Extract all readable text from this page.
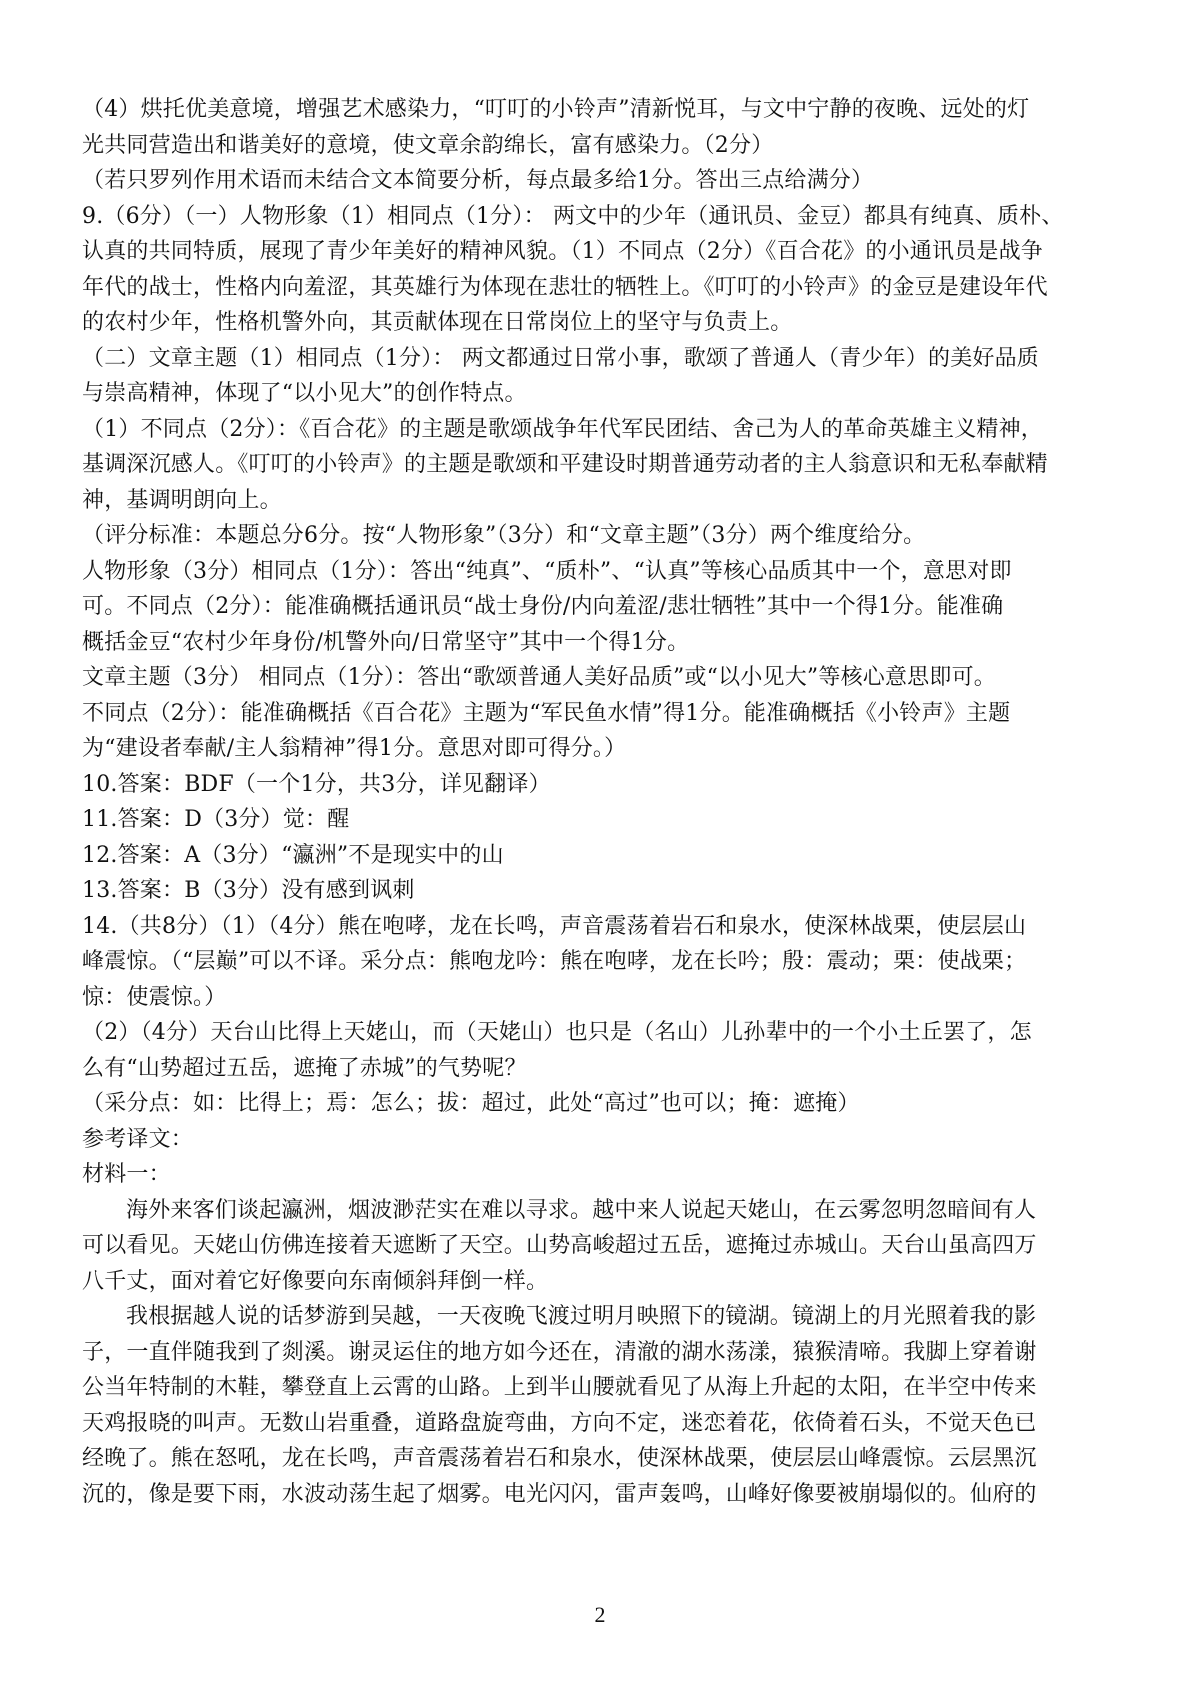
（4）烘托优美意境，增强艺术感染力，“叮叮的小铃声”清新悦耳，与文中宁静的夜晚、远处的灯
光共同营造出和谐美好的意境，使文章余韵绵长，富有感染力。（2分）
（若只罗列作用术语而未结合文本简要分析，每点最多给1分。答出三点给满分）
9.（6分）（一）人物形象（1）相同点（1分）： 两文中的少年（通讯员、金豆）都具有纯真、质朴、
认真的共同特质，展现了青少年美好的精神风貌。（1）不同点（2分）《百合花》的小通讯员是战争
年代的战士，性格内向羞涩，其英雄行为体现在悲壮的牺牲上。《叮叮的小铃声》的金豆是建设年代
的农村少年，性格机警外向，其贡献体现在日常岗位上的坚守与负责上。
（二）文章主题（1）相同点（1分）： 两文都通过日常小事，歌颂了普通人（青少年）的美好品质
与崇高精神，体现了“以小见大”的创作特点。
（1）不同点（2分）：《百合花》的主题是歌颂战争年代军民团结、舍己为人的革命英雄主义精神，
基调深沉感人。《叮叮的小铃声》的主题是歌颂和平建设时期普通劳动者的主人翁意识和无私奉献精
神，基调明朗向上。
（评分标准：本题总分6分。按“人物形象”（3分）和“文章主题”（3分）两个维度给分。
人物形象（3分）相同点（1分）：答出“纯真”、“质朴”、“认真”等核心品质其中一个，意思对即
可。不同点（2分）：能准确概括通讯员“战士身份/内向羞涩/悲壮牺牲”其中一个得1分。能准确
概括金豆“农村少年身份/机警外向/日常坚守”其中一个得1分。
文章主题（3分） 相同点（1分）：答出“歌颂普通人美好品质”或“以小见大”等核心意思即可。
不同点（2分）：能准确概括《百合花》主题为“军民鱼水情”得1分。能准确概括《小铃声》主题
为“建设者奉献/主人翁精神”得1分。意思对即可得分。）
10.答案：BDF（一个1分，共3分，详见翻译）
11.答案：D（3分）觉：醒
12.答案：A（3分）“瀛洲”不是现实中的山
13.答案：B（3分）没有感到讽刺
14.（共8分）（1）（4分）熊在咆哮，龙在长鸣，声音震荡着岩石和泉水，使深林战栗，使层层山
峰震惊。（“层巅”可以不译。采分点：熊咆龙吟：熊在咆哮，龙在长吟；殷：震动；栗：使战栗；
惊：使震惊。）
（2）（4分）天台山比得上天姥山，而（天姥山）也只是（名山）儿孙辈中的一个小土丘罢了，怎
么有“山势超过五岳，遮掩了赤城”的气势呢？
（采分点：如：比得上；焉：怎么；拔：超过，此处“高过”也可以；掩：遮掩）
参考译文：
材料一：
海外来客们谈起瀛洲，烟波渺茫实在难以寻求。越中来人说起天姥山，在云雾忽明忽暗间有人
可以看见。天姥山仿佛连接着天遮断了天空。山势高峻超过五岳，遮掩过赤城山。天台山虽高四万
八千丈，面对着它好像要向东南倾斜拜倒一样。
我根据越人说的话梦游到吴越，一天夜晚飞渡过明月映照下的镜湖。镜湖上的月光照着我的影
子，一直伴随我到了剡溪。谢灵运住的地方如今还在，清澈的湖水荡漾，猿猴清啼。我脚上穿着谢
公当年特制的木鞋，攀登直上云霄的山路。上到半山腰就看见了从海上升起的太阳，在半空中传来
天鸡报晓的叫声。无数山岩重叠，道路盘旋弯曲，方向不定，迷恋着花，依倚着石头，不觉天色已
经晚了。熊在怒吼，龙在长鸣，声音震荡着岩石和泉水，使深林战栗，使层层山峰震惊。云层黑沉
沉的，像是要下雨，水波动荡生起了烟雾。电光闪闪，雷声轰鸣，山峰好像要被崩塌似的。仙府的
2
